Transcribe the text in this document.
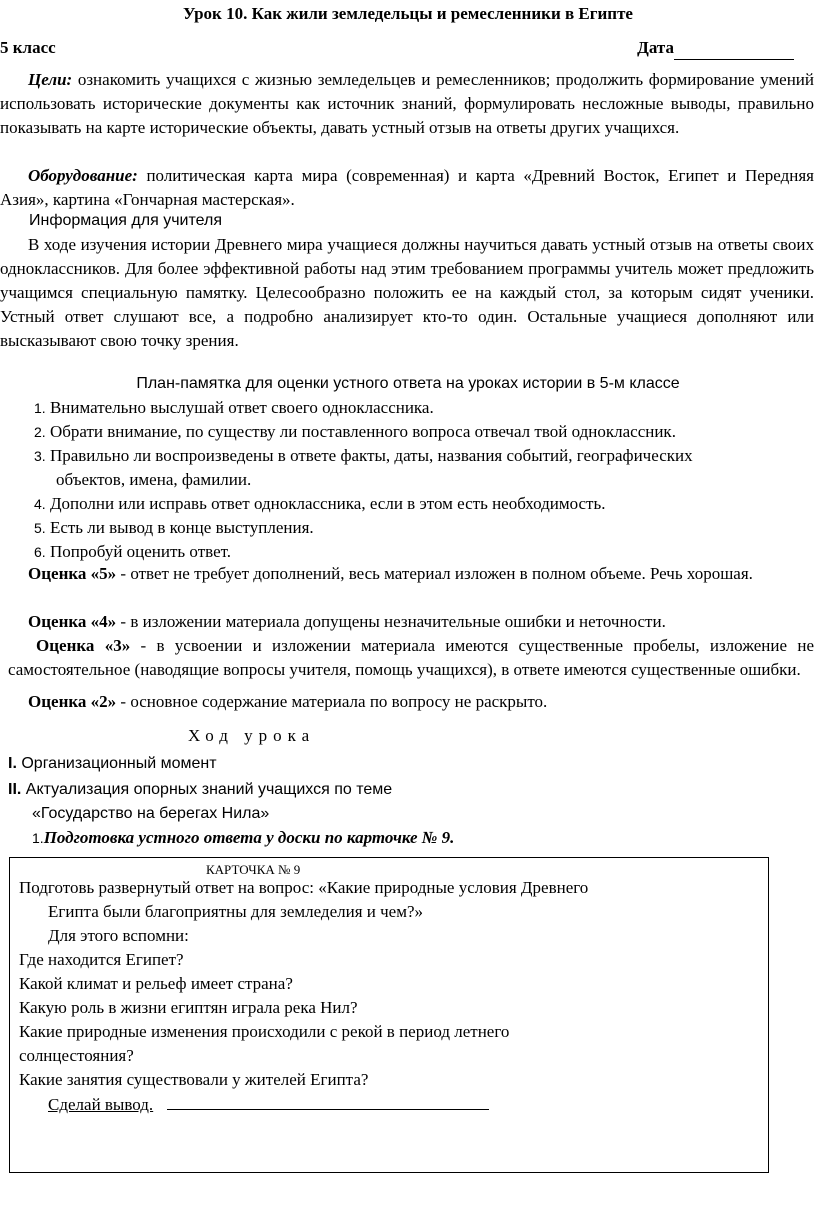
Урок 10. Как жили земледельцы и ремесленники в Египте
5 класс	Дата
Цели: ознакомить учащихся с жизнью земледельцев и ремесленников; продолжить формирование умений использовать исторические документы как источник знаний, формулировать несложные выводы, правильно показывать на карте исторические объекты, давать устный отзыв на ответы других учащихся.
Оборудование: политическая карта мира (современная) и карта «Древний Восток, Египет и Передняя Азия», картина «Гончарная мастерская».
Информация для учителя
В ходе изучения истории Древнего мира учащиеся должны научиться давать устный отзыв на ответы своих одноклассников. Для более эффективной работы над этим требованием программы учитель может предложить учащимся специальную памятку. Целесообразно положить ее на каждый стол, за которым сидят ученики. Устный ответ слушают все, а подробно анализирует кто-то один. Остальные учащиеся дополняют или высказывают свою точку зрения.
План-памятка для оценки устного ответа на уроках истории в 5-м классе
1. Внимательно выслушай ответ своего одноклассника.
2. Обрати внимание, по существу ли поставленного вопроса отвечал твой одноклассник.
3. Правильно ли воспроизведены в ответе факты, даты, названия событий, географических
объектов, имена, фамилии.
4. Дополни или исправь ответ одноклассника, если в этом есть необходимость.
5. Есть ли вывод в конце выступления.
6. Попробуй оценить ответ.
Оценка «5» - ответ не требует дополнений, весь материал изложен в полном объеме. Речь хорошая.
Оценка «4» - в изложении материала допущены незначительные ошибки и неточности.
Оценка «3» - в усвоении и изложении материала имеются существенные пробелы, изложение не самостоятельное (наводящие вопросы учителя, помощь учащихся), в ответе имеются существенные ошибки.
Оценка «2» - основное содержание материала по вопросу не раскрыто.
Ход урока
I. Организационный момент
II. Актуализация опорных знаний учащихся по теме
«Государство на берегах Нила»
1.Подготовка устного ответа у доски по карточке № 9.
КАРТОЧКА № 9
Подготовь развернутый ответ на вопрос: «Какие природные условия Древнего
Египта были благоприятны для земледелия и чем?»
Для этого вспомни:
Где находится Египет?
Какой климат и рельеф имеет страна?
Какую роль в жизни египтян играла река Нил?
Какие природные изменения происходили с рекой в период летнего
солнцестояния?
Какие занятия существовали у жителей Египта?
Сделай вывод.
